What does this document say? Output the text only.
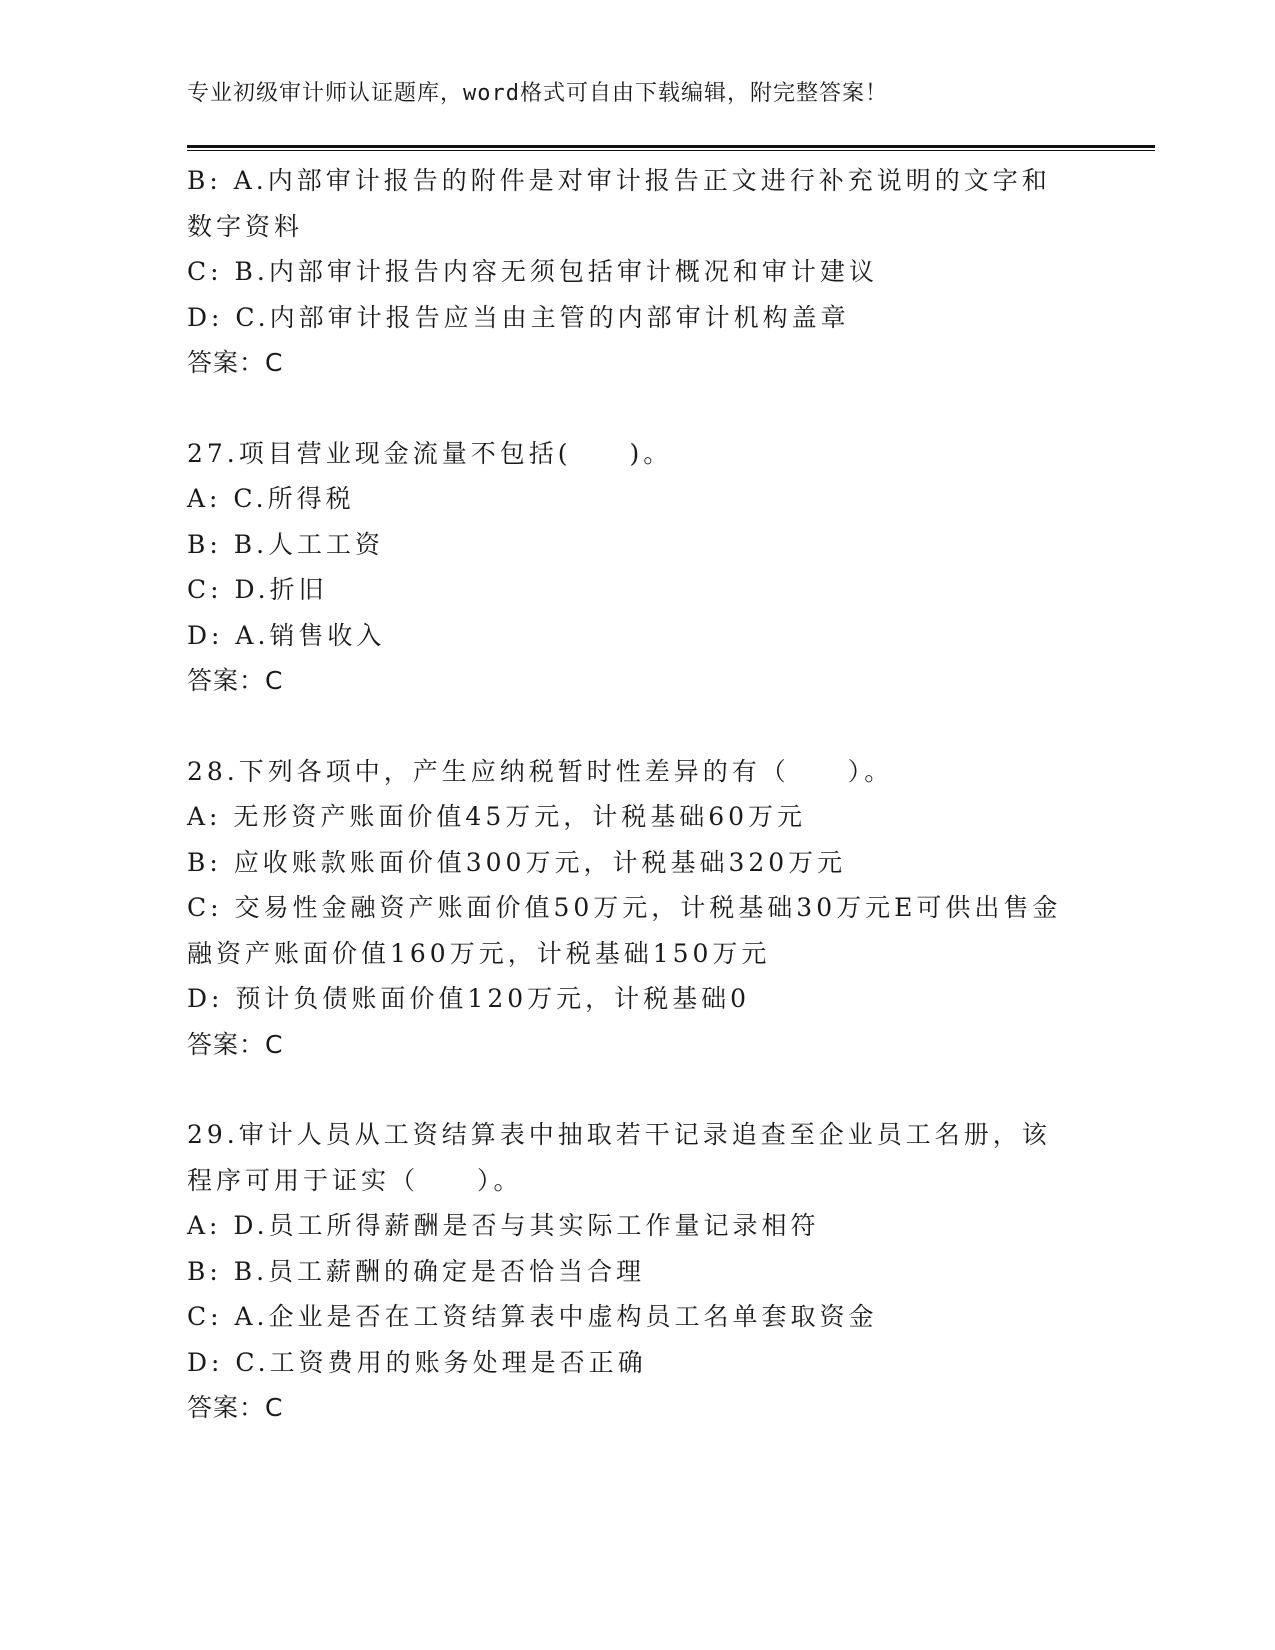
专业初级审计师认证题库，word格式可自由下载编辑，附完整答案！

B: A.内部审计报告的附件是对审计报告正文进行补充说明的文字和数字资料

C: B.内部审计报告内容无须包括审计概况和审计建议

D: C.内部审计报告应当由主管的内部审计机构盖章

答案：C

27.项目营业现金流量不包括(　　)。

A: C.所得税

B: B.人工工资

C: D.折旧

D: A.销售收入

答案：C

28.下列各项中，产生应纳税暂时性差异的有（　　）。

A: 无形资产账面价值45万元，计税基础60万元

B: 应收账款账面价值300万元，计税基础320万元

C: 交易性金融资产账面价值50万元，计税基础30万元E可供出售金融资产账面价值160万元，计税基础150万元

D: 预计负债账面价值120万元，计税基础0

答案：C

29.审计人员从工资结算表中抽取若干记录追查至企业员工名册，该程序可用于证实（　　）。

A: D.员工所得薪酬是否与其实际工作量记录相符

B: B.员工薪酬的确定是否恰当合理

C: A.企业是否在工资结算表中虚构员工名单套取资金

D: C.工资费用的账务处理是否正确

答案：C
